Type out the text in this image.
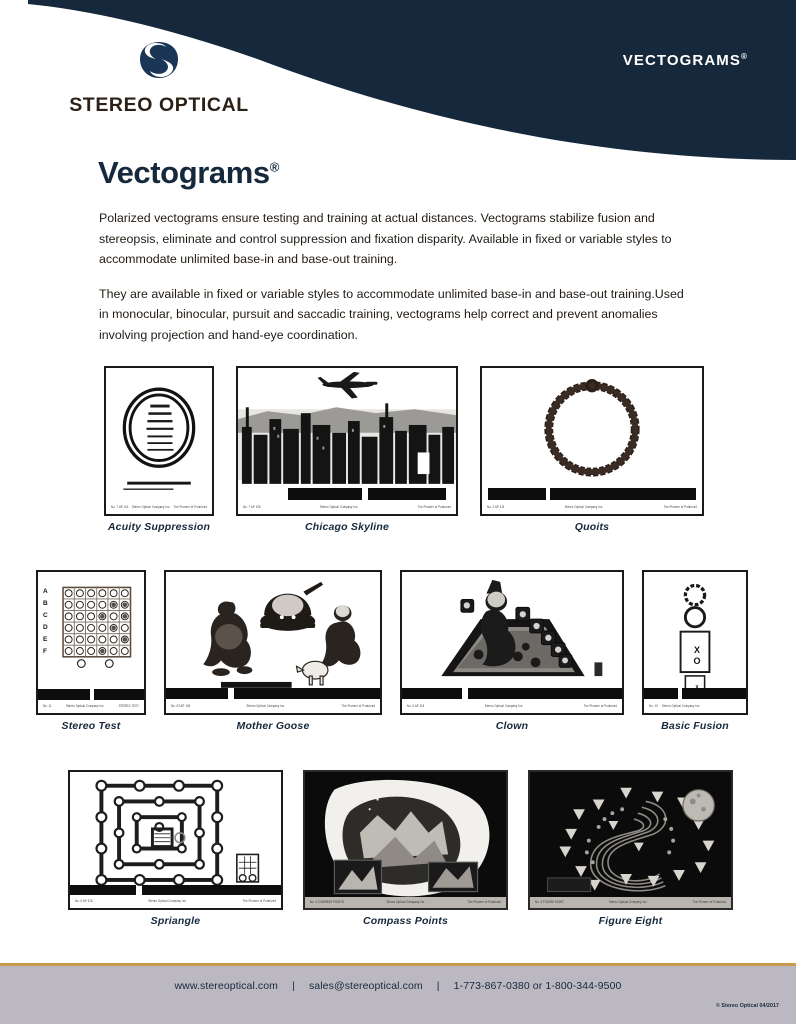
VECTOGRAMS®
STEREO OPTICAL
Vectograms®

Polarized vectograms ensure testing and training at actual distances. Vectograms stabilize fusion and stereopsis, eliminate and control suppression and fixation disparity. Available in fixed or variable styles to accommodate unlimited base-in and base-out training.

They are available in fixed or variable styles to accommodate unlimited base-in and base-out training.Used in monocular, binocular, pursuit and saccadic training, vectograms help correct and prevent anomalies involving projection and hand-eye coordination.

No. 7 AP 101 Stereo Optical Company Inc. The Pioneer of Polarized
Acuity Suppression
No. 7 AP 105	Stereo Optical Company Inc.	The Pioneer of Polarized
Chicago Skyline
No. 2 AP 3-B	Stereo Optical Company Inc.	The Pioneer of Polarized
Quoits
A
B
C
D
E
F
No. 11	Stereo Optical Company Inc.	STEREO TEST
Stereo Test
No. 03 AP 109	Stereo Optical Company Inc.	The Pioneer of Polarized
Mother Goose
No. 6 AP 115	Stereo Optical Company Inc.	The Pioneer of Polarized
Clown
X
O
No. 10 Stereo Optical Company Inc.
Basic Fusion
No. 5 AP 215	Stereo Optical Company Inc.	The Pioneer of Polarized
Spriangle
No. 4 COMPASS POINTS	Stereo Optical Company Inc.	The Pioneer of Polarized
Compass Points
No. 3 FIGURE EIGHT	Stereo Optical Company Inc.	The Pioneer of Polarized
Figure Eight
www.stereoptical.com | sales@stereoptical.com | 1-773-867-0380 or 1-800-344-9500
© Stereo Optical 04/2017
